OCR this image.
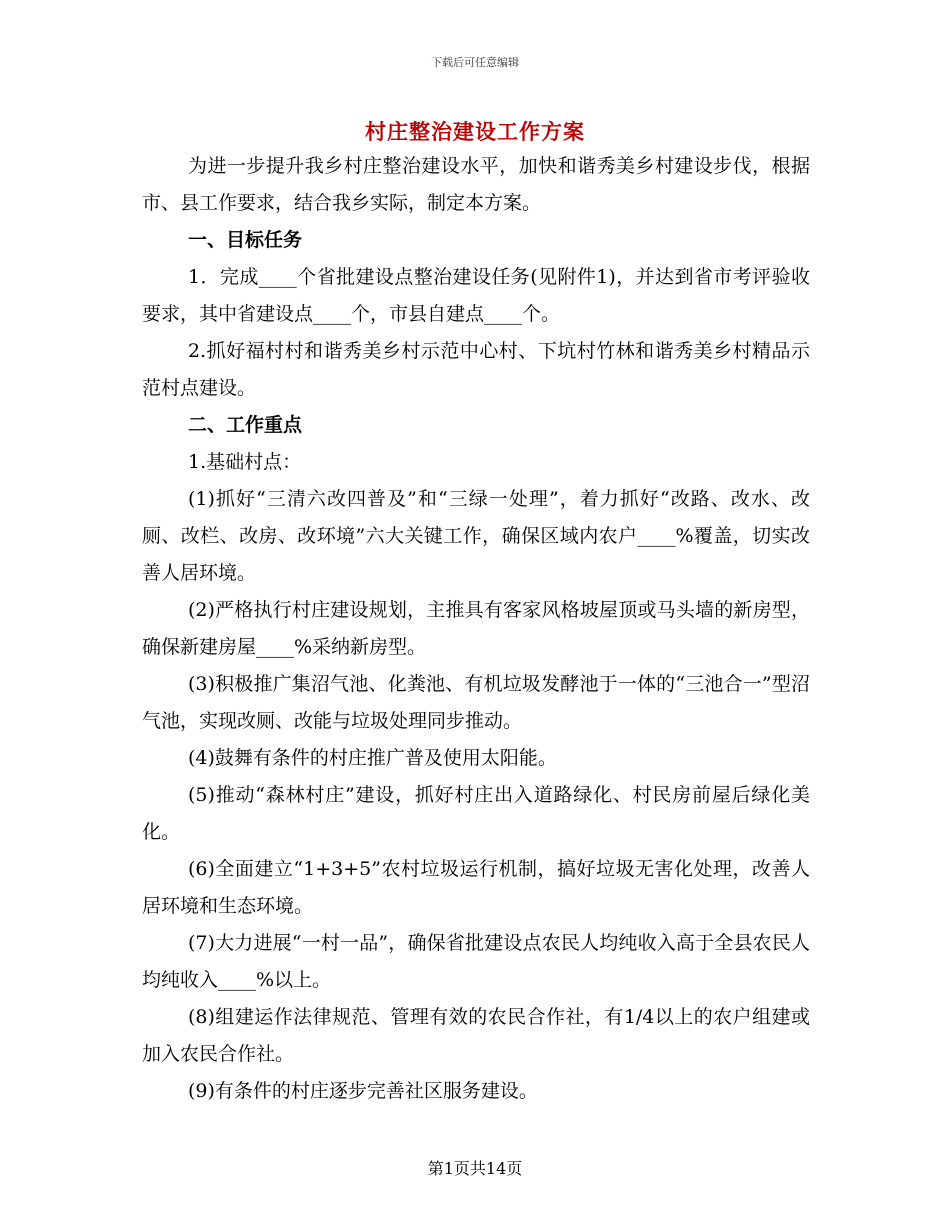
下载后可任意编辑
村庄整治建设工作方案

为进一步提升我乡村庄整治建设水平，加快和谐秀美乡村建设步伐，根据市、县工作要求，结合我乡实际，制定本方案。

一、目标任务

1．完成____个省批建设点整治建设任务(见附件1)，并达到省市考评验收要求，其中省建设点____个，市县自建点____个。

2.抓好福村村和谐秀美乡村示范中心村、下坑村竹林和谐秀美乡村精品示范村点建设。

二、工作重点

1.基础村点：

(1)抓好“三清六改四普及”和“三绿一处理”，着力抓好“改路、改水、改厕、改栏、改房、改环境”六大关键工作，确保区域内农户____%覆盖，切实改善人居环境。

(2)严格执行村庄建设规划，主推具有客家风格坡屋顶或马头墙的新房型，确保新建房屋____%采纳新房型。

(3)积极推广集沼气池、化粪池、有机垃圾发酵池于一体的“三池合一”型沼气池，实现改厕、改能与垃圾处理同步推动。

(4)鼓舞有条件的村庄推广普及使用太阳能。

(5)推动“森林村庄”建设，抓好村庄出入道路绿化、村民房前屋后绿化美化。

(6)全面建立“1+3+5”农村垃圾运行机制，搞好垃圾无害化处理，改善人居环境和生态环境。

(7)大力进展“一村一品”，确保省批建设点农民人均纯收入高于全县农民人均纯收入____%以上。

(8)组建运作法律规范、管理有效的农民合作社，有1/4以上的农户组建或加入农民合作社。

(9)有条件的村庄逐步完善社区服务建设。

第1页共14页
